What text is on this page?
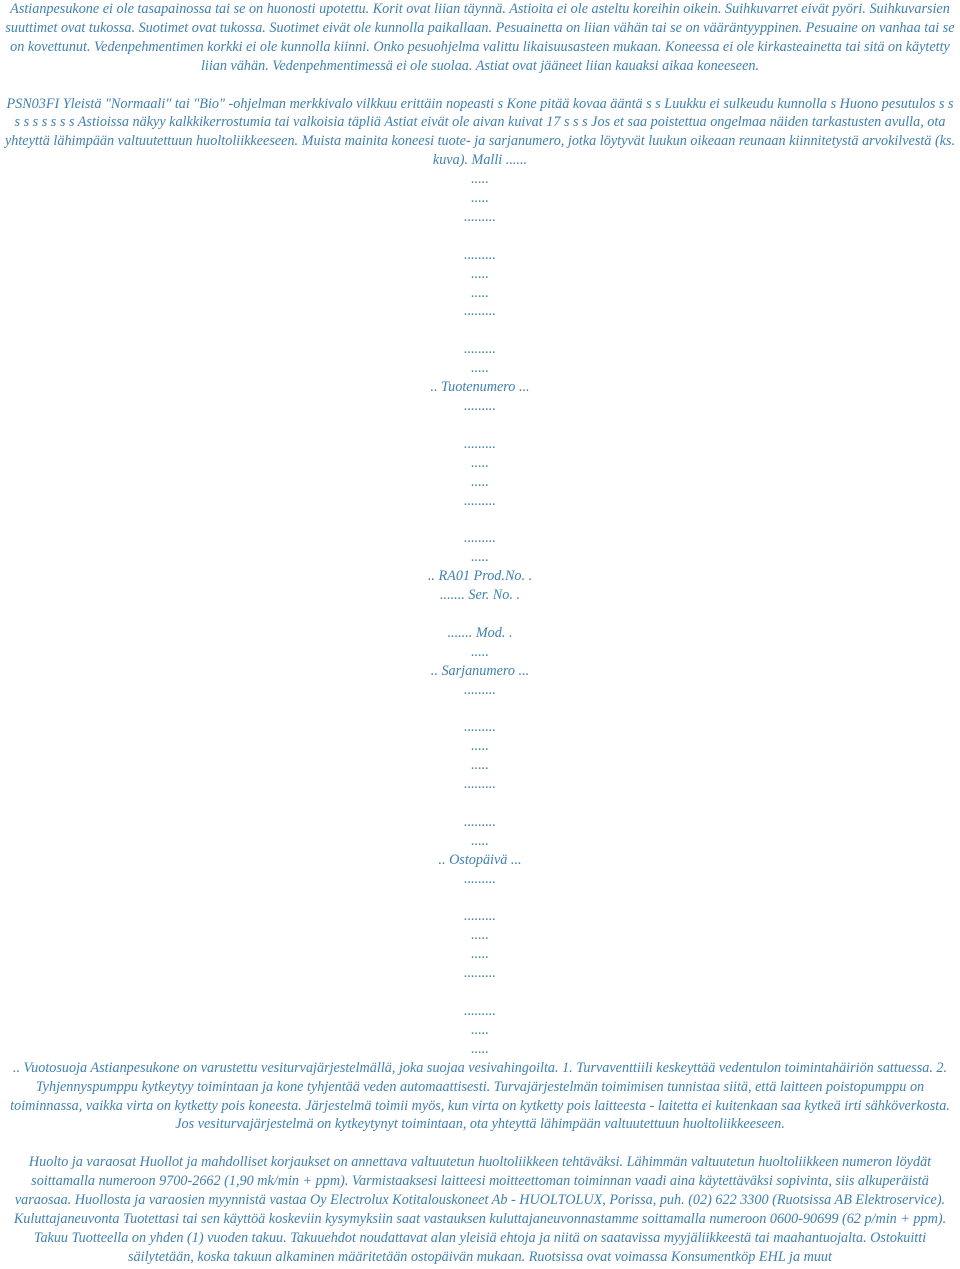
Astianpesukone ei ole tasapainossa tai se on huonosti upotettu. Korit ovat liian täynnä. Astioita ei ole asteltu koreihin oikein. Suihkuvarret eivät pyöri. Suihkuvarsien suuttimet ovat tukossa. Suotimet ovat tukossa. Suotimet eivät ole kunnolla paikallaan. Pesuainetta on liian vähän tai se on vääräntyyppinen. Pesuaine on vanhaa tai se on kovettunut. Vedenpehmentimen korkki ei ole kunnolla kiinni. Onko pesuohjelma valittu likaisuusasteen mukaan. Koneessa ei ole kirkasteainetta tai sitä on käytetty liian vähän. Vedenpehmentimessä ei ole suolaa. Astiat ovat jääneet liian kauaksi aikaa koneeseen.

PSN03FI Yleistä "Normaali" tai "Bio" -ohjelman merkkivalo vilkkuu erittäin nopeasti s Kone pitää kovaa ääntä s s Luukku ei sulkeudu kunnolla s Huono pesutulos s s s s s s s s s Astioissa näkyy kalkkikerrostumia tai valkoisia täpliä Astiat eivät ole aivan kuivat 17 s s s Jos et saa poistettua ongelmaa näiden tarkastusten avulla, ota yhteyttä lähimpään valtuutettuun huoltoliikkeeseen. Muista mainita koneesi tuote- ja sarjanumero, jotka löytyvät luukun oikeaan reunaan kiinnitetystä arvokilvestä (ks. kuva). Malli ......

.....
.....
.........

.........
.....
.....
.........

.........
.....
.. Tuotenumero ...
.........

.........
.....
.....
.........

.........
.....
.. RA01 Prod.No. .
....... Ser. No. .

....... Mod. .
.....
.. Sarjanumero ...
.........

.........
.....
.....
.........

.........
.....
.. Ostopäivä ...
.........

.........
.....
.....
.........

.........
.....
.....

.. Vuotosuoja Astianpesukone on varustettu vesiturvajärjestelmällä, joka suojaa vesivahingoilta. 1. Turvaventtiili keskeyttää vedentulon toimintahäiriön sattuessa. 2. Tyhjennyspumppu kytkeytyy toimintaan ja kone tyhjentää veden automaattisesti. Turvajärjestelmän toimimisen tunnistaa siitä, että laitteen poistopumppu on toiminnassa, vaikka virta on kytketty pois koneesta. Järjestelmä toimii myös, kun virta on kytketty pois laitteesta - laitetta ei kuitenkaan saa kytkeä irti sähköverkosta. Jos vesiturvajärjestelmä on kytkeytynyt toimintaan, ota yhteyttä lähimpään valtuutettuun huoltoliikkeeseen.

Huolto ja varaosat Huollot ja mahdolliset korjaukset on annettava valtuutetun huoltoliikkeen tehtäväksi. Lähimmän valtuutetun huoltoliikkeen numeron löydät soittamalla numeroon 9700-2662 (1,90 mk/min + ppm). Varmistaaksesi laitteesi moitteettoman toiminnan vaadi aina käytettäväksi sopivinta, siis alkuperäistä varaosaa. Huollosta ja varaosien myynnistä vastaa Oy Electrolux Kotitalouskoneet Ab - HUOLTOLUX, Porissa, puh. (02) 622 3300 (Ruotsissa AB Elektroservice). Kuluttajaneuvonta Tuotettasi tai sen käyttöä koskeviin kysymyksiin saat vastauksen kuluttajaneuvonnastamme soittamalla numeroon 0600-90699 (62 p/min + ppm). Takuu Tuotteella on yhden (1) vuoden takuu. Takuuehdot noudattavat alan yleisiä ehtoja ja niitä on saatavissa myyjäliikkeestä tai maahantuojalta. Ostokuitti säilytetään, koska takuun alkaminen määritetään ostopäivän mukaan. Ruotsissa ovat voimassa Konsumentköp EHL ja muut
